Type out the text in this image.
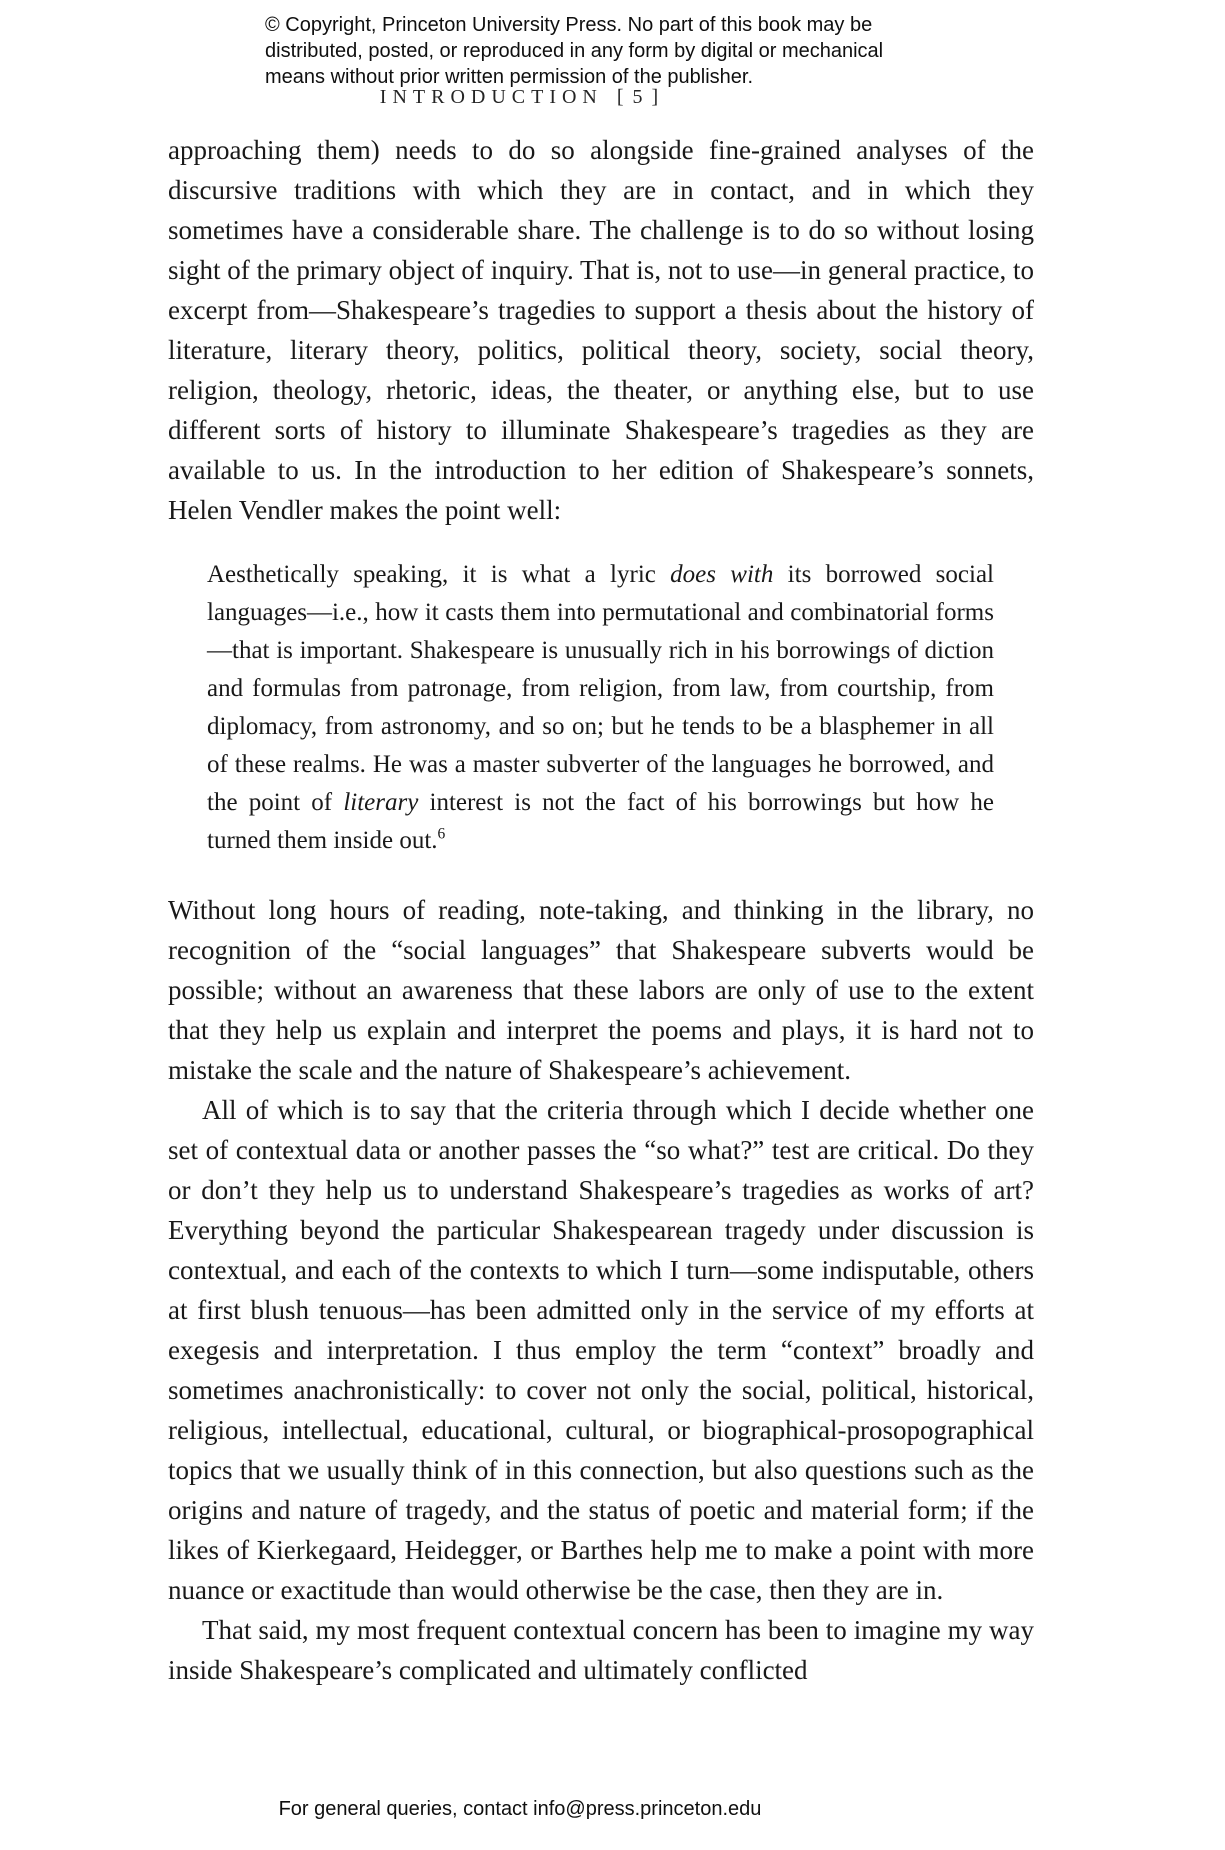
© Copyright, Princeton University Press. No part of this book may be
distributed, posted, or reproduced in any form by digital or mechanical
means without prior written permission of the publisher.
INTRODUCTION [ 5 ]

approaching them) needs to do so alongside fine-grained analyses of the discursive traditions with which they are in contact, and in which they sometimes have a considerable share. The challenge is to do so without losing sight of the primary object of inquiry. That is, not to use—in general practice, to excerpt from—Shakespeare’s tragedies to support a thesis about the history of literature, literary theory, politics, political theory, society, social theory, religion, theology, rhetoric, ideas, the theater, or anything else, but to use different sorts of history to illuminate Shakespeare’s tragedies as they are available to us. In the introduction to her edition of Shakespeare’s sonnets, Helen Vendler makes the point well:

Aesthetically speaking, it is what a lyric does with its borrowed social languages—i.e., how it casts them into permutational and combinatorial forms—that is important. Shakespeare is unusually rich in his borrowings of diction and formulas from patronage, from religion, from law, from courtship, from diplomacy, from astronomy, and so on; but he tends to be a blasphemer in all of these realms. He was a master subverter of the languages he borrowed, and the point of literary interest is not the fact of his borrowings but how he turned them inside out.$^6$

Without long hours of reading, note-taking, and thinking in the library, no recognition of the “social languages” that Shakespeare subverts would be possible; without an awareness that these labors are only of use to the extent that they help us explain and interpret the poems and plays, it is hard not to mistake the scale and the nature of Shakespeare’s achievement.

All of which is to say that the criteria through which I decide whether one set of contextual data or another passes the “so what?” test are critical. Do they or don’t they help us to understand Shakespeare’s tragedies as works of art? Everything beyond the particular Shakespearean tragedy under discussion is contextual, and each of the contexts to which I turn—some indisputable, others at first blush tenuous—has been admitted only in the service of my efforts at exegesis and interpretation. I thus employ the term “context” broadly and sometimes anachronistically: to cover not only the social, political, historical, religious, intellectual, educational, cultural, or biographical-prosopographical topics that we usually think of in this connection, but also questions such as the origins and nature of tragedy, and the status of poetic and material form; if the likes of Kierkegaard, Heidegger, or Barthes help me to make a point with more nuance or exactitude than would otherwise be the case, then they are in.

That said, my most frequent contextual concern has been to imagine my way inside Shakespeare’s complicated and ultimately conflicted

For general queries, contact info@press.princeton.edu
